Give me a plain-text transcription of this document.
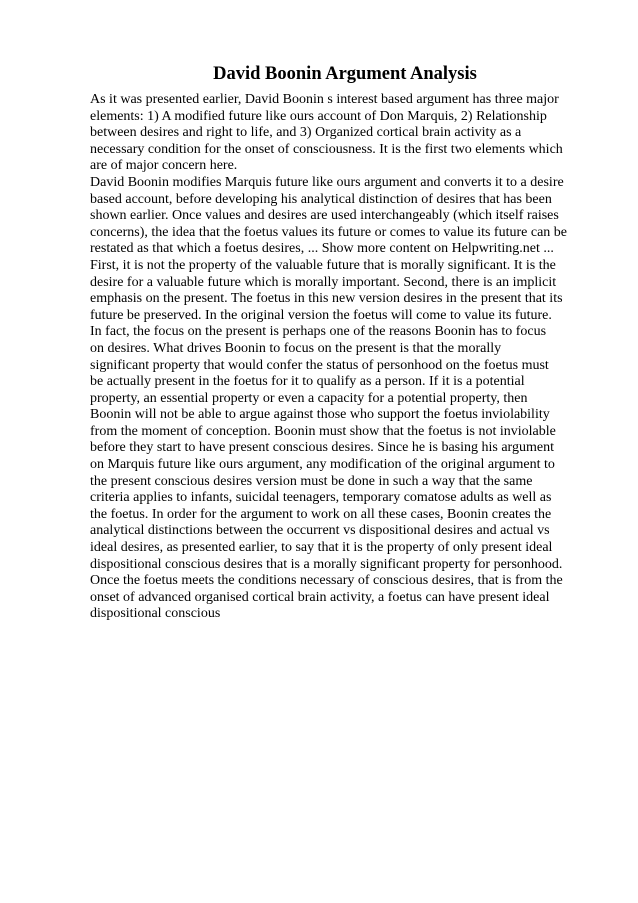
David Boonin Argument Analysis
As it was presented earlier, David Boonin s interest based argument has three major
elements: 1) A modified future like ours account of Don Marquis, 2) Relationship
between desires and right to life, and 3) Organized cortical brain activity as a
necessary condition for the onset of consciousness. It is the first two elements which
are of major concern here.
David Boonin modifies Marquis future like ours argument and converts it to a desire
based account, before developing his analytical distinction of desires that has been
shown earlier. Once values and desires are used interchangeably (which itself raises
concerns), the idea that the foetus values its future or comes to value its future can be
restated as that which a foetus desires, ... Show more content on Helpwriting.net ...
First, it is not the property of the valuable future that is morally significant. It is the
desire for a valuable future which is morally important. Second, there is an implicit
emphasis on the present. The foetus in this new version desires in the present that its
future be preserved. In the original version the foetus will come to value its future.
In fact, the focus on the present is perhaps one of the reasons Boonin has to focus
on desires. What drives Boonin to focus on the present is that the morally
significant property that would confer the status of personhood on the foetus must
be actually present in the foetus for it to qualify as a person. If it is a potential
property, an essential property or even a capacity for a potential property, then
Boonin will not be able to argue against those who support the foetus inviolability
from the moment of conception. Boonin must show that the foetus is not inviolable
before they start to have present conscious desires. Since he is basing his argument
on Marquis future like ours argument, any modification of the original argument to
the present conscious desires version must be done in such a way that the same
criteria applies to infants, suicidal teenagers, temporary comatose adults as well as
the foetus. In order for the argument to work on all these cases, Boonin creates the
analytical distinctions between the occurrent vs dispositional desires and actual vs
ideal desires, as presented earlier, to say that it is the property of only present ideal
dispositional conscious desires that is a morally significant property for personhood.
Once the foetus meets the conditions necessary of conscious desires, that is from the
onset of advanced organised cortical brain activity, a foetus can have present ideal
dispositional conscious
